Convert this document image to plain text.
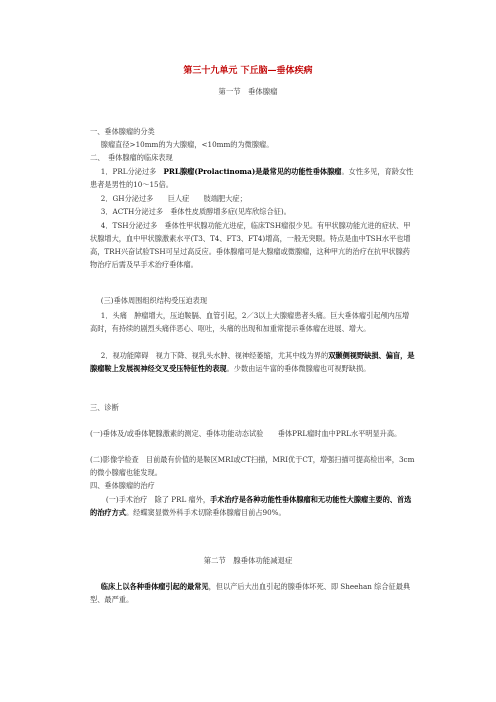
第三十九单元 下丘脑—垂体疾病
第一节　垂体腺瘤

一、垂体腺瘤的分类

腺瘤直径>10mm的为大腺瘤，<10mm的为微腺瘤。

二、　垂体腺瘤的临床表现

1．PRL分泌过多　PRL腺瘤(Prolactinoma)是最常见的功能性垂体腺瘤。女性多见，育龄女性患者是男性的10～15倍。

2．GH分泌过多　　巨人症　　肢端肥大症；

3．ACTH分泌过多　垂体性皮质醇增多症(见库欣综合征)。

4．TSH分泌过多　垂体性甲状腺功能亢进症，临床TSH瘤很少见。有甲状腺功能亢进的症状、甲状腺增大，血中甲状腺激素水平(T3、T4、FT3、FT4)增高，一般无突眼。特点是血中TSH水平也增高，TRH兴奋试验TSH可呈过高反应。垂体腺瘤可是大腺瘤或微腺瘤，这种甲亢的治疗在抗甲状腺药物治疗后需及早手术治疗垂体瘤。

(三)垂体周围组织结构受压迫表现

1．头痛　肿瘤增大，压迫鞍膈、血管引起，2／3以上大腺瘤患者头痛。巨大垂体瘤引起颅内压增高时，有持续的剧烈头痛伴恶心、呕吐，头痛的出现和加重常提示垂体瘤在进展、增大。

2．视功能障碍　视力下降、视乳头水肿、视神经萎缩，尤其中线为界的双颞侧视野缺损、偏盲，是腺瘤鞍上发展视神经交叉受压特征性的表现。少数由运牛富的垂体微腺瘤也可视野缺损。

三、诊断

(一)垂体及/或垂体靶腺激素的测定、垂体功能动态试验　　垂体PRL瘤时血中PRL水平明显升高。

(二)影像学检查　目前最有价值的是鞍区MRI或CT扫描，MRI优于CT，增强扫描可提高检出率，3cm的微小腺瘤也能发现。

四、垂体腺瘤的治疗

(一)手术治疗　除了 PRL 瘤外，手术治疗是各种功能性垂体腺瘤和无功能性大腺瘤主要的、首选的治疗方式。经蝶窦显微外科手术切除垂体腺瘤目前占90%。

第二节　腺垂体功能减退症

临床上以各种垂体瘤引起的最常见，但以产后大出血引起的腺垂体坏死、即 Sheehan 综合征最典型、最严重。
